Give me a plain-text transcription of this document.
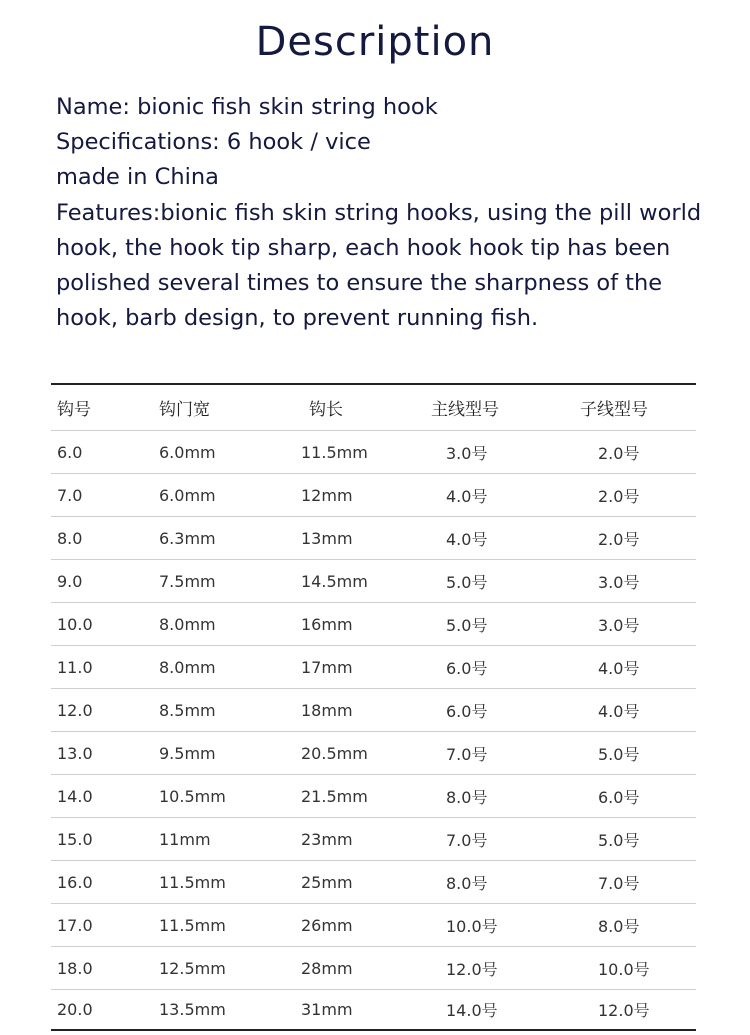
Description

Name: bionic fish skin string hook

Specifications: 6 hook / vice

made in China

Features:bionic fish skin string hooks, using the pill world hook, the hook tip sharp, each hook hook tip has been polished several times to ensure the sharpness of the hook, barb design, to prevent running fish.

钩号	钩门宽	钩长	主线型号	子线型号
6.0	6.0mm	11.5mm	3.0号	2.0号
7.0	6.0mm	12mm	4.0号	2.0号
8.0	6.3mm	13mm	4.0号	2.0号
9.0	7.5mm	14.5mm	5.0号	3.0号
10.0	8.0mm	16mm	5.0号	3.0号
11.0	8.0mm	17mm	6.0号	4.0号
12.0	8.5mm	18mm	6.0号	4.0号
13.0	9.5mm	20.5mm	7.0号	5.0号
14.0	10.5mm	21.5mm	8.0号	6.0号
15.0	11mm	23mm	7.0号	5.0号
16.0	11.5mm	25mm	8.0号	7.0号
17.0	11.5mm	26mm	10.0号	8.0号
18.0	12.5mm	28mm	12.0号	10.0号
20.0	13.5mm	31mm	14.0号	12.0号
